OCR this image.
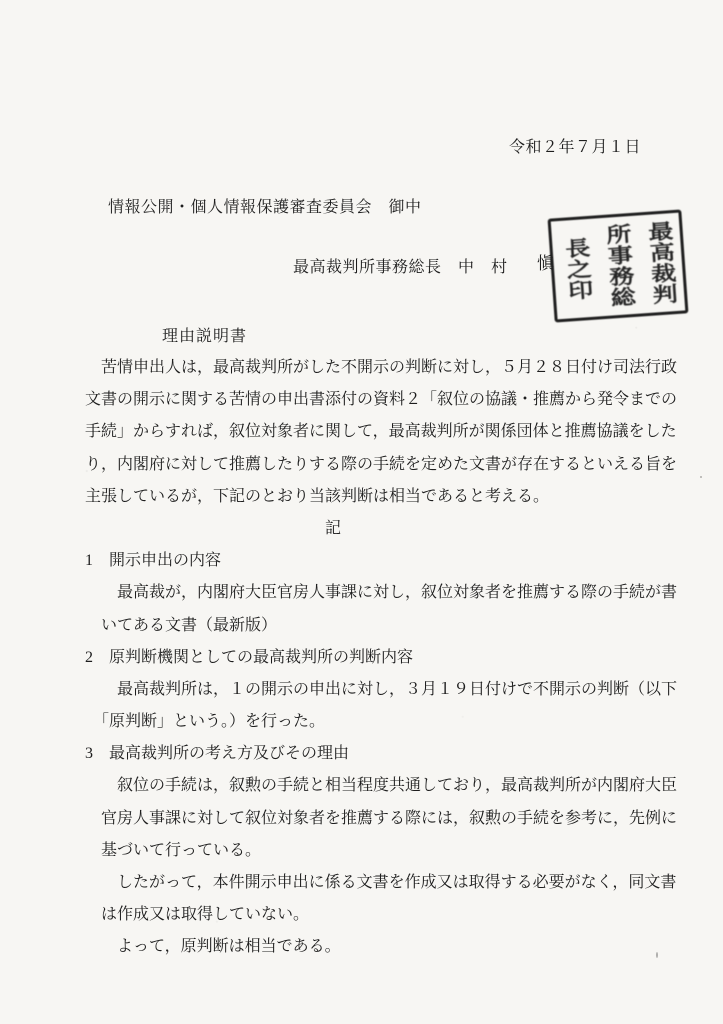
令和２年７月１日
情報公開・個人情報保護審査委員会　御中
最高裁判所事務総長　中　村 愼	最高裁判
所事務総
長之印
理由説明書
　苦情申出人は，最高裁判所がした不開示の判断に対し，５月２８日付け司法行政
文書の開示に関する苦情の申出書添付の資料２「叙位の協議・推薦から発令までの
手続」からすれば，叙位対象者に関して，最高裁判所が関係団体と推薦協議をした
り，内閣府に対して推薦したりする際の手続を定めた文書が存在するといえる旨を
主張しているが，下記のとおり当該判断は相当であると考える。
記
1　開示申出の内容
　　最高裁が，内閣府大臣官房人事課に対し，叙位対象者を推薦する際の手続が書
　いてある文書（最新版）
2　原判断機関としての最高裁判所の判断内容
　　最高裁判所は，１の開示の申出に対し，３月１９日付けで不開示の判断（以下
　「原判断」という。）を行った。
3　最高裁判所の考え方及びその理由
　　叙位の手続は，叙勲の手続と相当程度共通しており，最高裁判所が内閣府大臣
　官房人事課に対して叙位対象者を推薦する際には，叙勲の手続を参考に，先例に
　基づいて行っている。
　　したがって，本件開示申出に係る文書を作成又は取得する必要がなく，同文書
　は作成又は取得していない。
　　よって，原判断は相当である。
